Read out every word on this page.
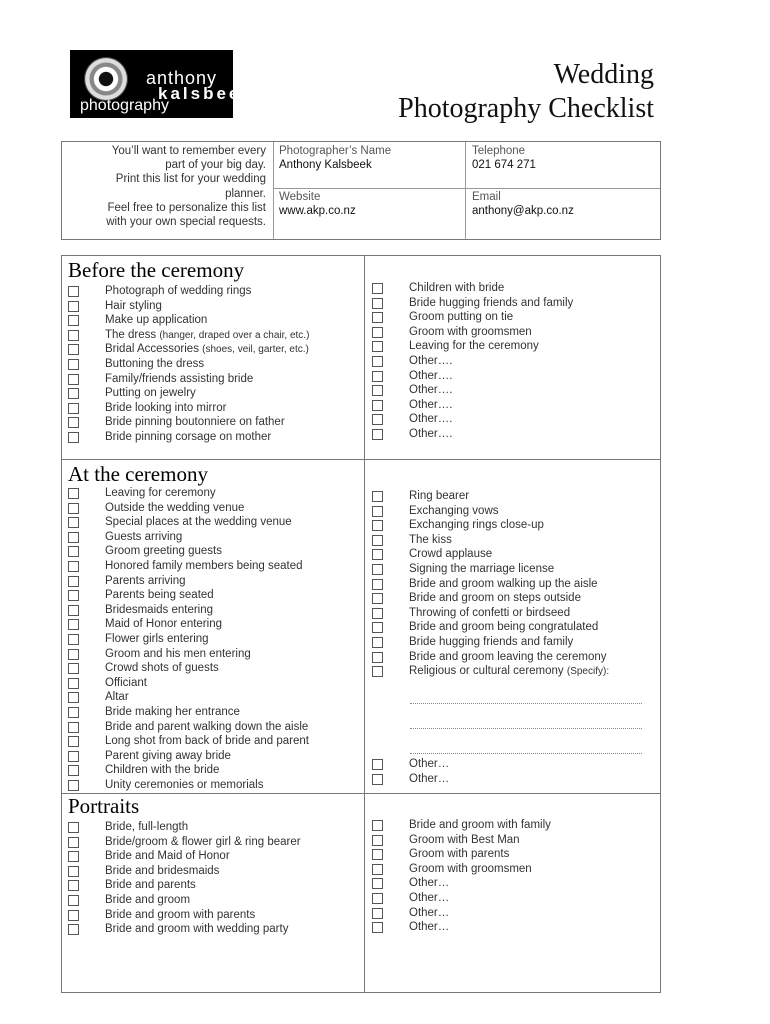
anthony
kalsbeek
photography
Wedding
Photography Checklist
You’ll want to remember every
part of your big day.
Print this list for your wedding
planner.
Feel free to personalize this list
with your own special requests.
Photographer’s Name
Anthony Kalsbeek
Telephone
021 674 271
Website
www.akp.co.nz
Email
anthony@akp.co.nz
Before the ceremony
Photograph of wedding rings
Hair styling
Make up application
The dress (hanger, draped over a chair, etc.)
Bridal Accessories (shoes, veil, garter, etc.)
Buttoning the dress
Family/friends assisting bride
Putting on jewelry
Bride looking into mirror
Bride pinning boutonniere on father
Bride pinning corsage on mother
Children with bride
Bride hugging friends and family
Groom putting on tie
Groom with groomsmen
Leaving for the ceremony
Other….
Other….
Other….
Other….
Other….
Other….
At the ceremony
Leaving for ceremony
Outside the wedding venue
Special places at the wedding venue
Guests arriving
Groom greeting guests
Honored family members being seated
Parents arriving
Parents being seated
Bridesmaids entering
Maid of Honor entering
Flower girls entering
Groom and his men entering
Crowd shots of guests
Officiant
Altar
Bride making her entrance
Bride and parent walking down the aisle
Long shot from back of bride and parent
Parent giving away bride
Children with the bride
Unity ceremonies or memorials
Ring bearer
Exchanging vows
Exchanging rings close-up
The kiss
Crowd applause
Signing the marriage license
Bride and groom walking up the aisle
Bride and groom on steps outside
Throwing of confetti or birdseed
Bride and groom being congratulated
Bride hugging friends and family
Bride and groom leaving the ceremony
Religious or cultural ceremony (Specify):
Other…
Other…
Portraits
Bride, full-length
Bride/groom & flower girl & ring bearer
Bride and Maid of Honor
Bride and bridesmaids
Bride and parents
Bride and groom
Bride and groom with parents
Bride and groom with wedding party
Bride and groom with family
Groom with Best Man
Groom with parents
Groom with groomsmen
Other…
Other…
Other…
Other…
